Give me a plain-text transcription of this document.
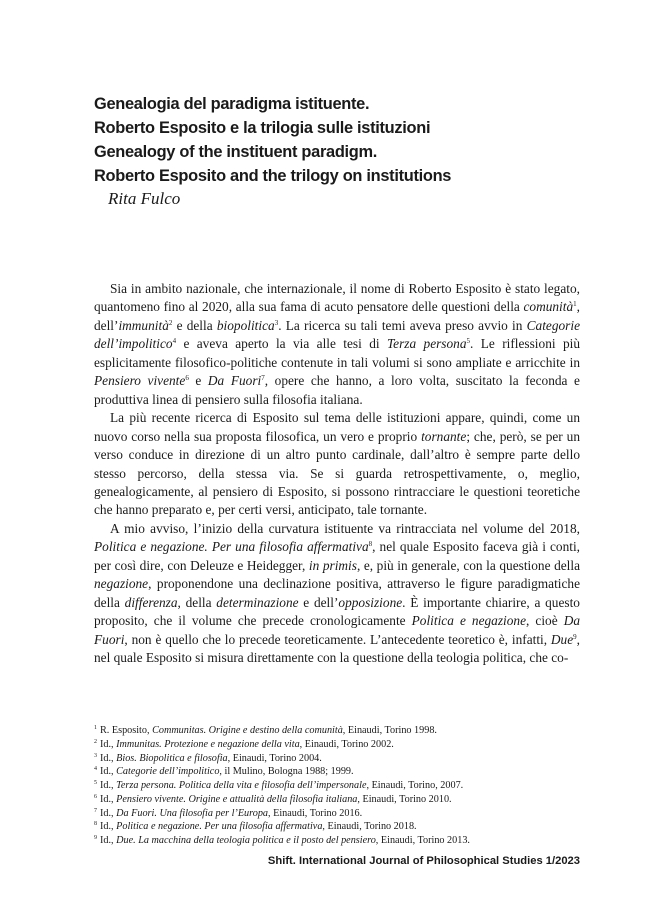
Genealogia del paradigma istituente.
Roberto Esposito e la trilogia sulle istituzioni
Genealogy of the instituent paradigm.
Roberto Esposito and the trilogy on institutions
Rita Fulco

Sia in ambito nazionale, che internazionale, il nome di Roberto Esposito è stato legato, quantomeno fino al 2020, alla sua fama di acuto pensatore delle questioni della comunità$^1$, dell’immunità$^2$ e della biopolitica$^3$. La ricerca su tali temi aveva preso avvio in Categorie dell’impolitico$^4$ e aveva aperto la via alle tesi di Terza persona$^5$. Le riflessioni più esplicitamente filosofico-politiche contenute in tali volumi si sono ampliate e arricchite in Pensiero vivente$^6$ e Da Fuori$^7$, opere che hanno, a loro volta, suscitato la feconda e produttiva linea di pensiero sulla filosofia italiana.

La più recente ricerca di Esposito sul tema delle istituzioni appare, quindi, come un nuovo corso nella sua proposta filosofica, un vero e proprio tornante; che, però, se per un verso conduce in direzione di un altro punto cardinale, dall’altro è sempre parte dello stesso percorso, della stessa via. Se si guarda retrospettivamente, o, meglio, genealogicamente, al pensiero di Esposito, si possono rintracciare le questioni teoretiche che hanno preparato e, per certi versi, anticipato, tale tornante.

A mio avviso, l’inizio della curvatura istituente va rintracciata nel volume del 2018, Politica e negazione. Per una filosofia affermativa$^8$, nel quale Esposito faceva già i conti, per così dire, con Deleuze e Heidegger, in primis, e, più in generale, con la questione della negazione, proponendone una declinazione positiva, attraverso le figure paradigmatiche della differenza, della determinazione e dell’opposizione. È importante chiarire, a questo proposito, che il volume che precede cronologicamente Politica e negazione, cioè Da Fuori, non è quello che lo precede teoreticamente. L’antecedente teoretico è, infatti, Due$^9$, nel quale Esposito si misura direttamente con la questione della teologia politica, che co-

$^1$ R. Esposito, Communitas. Origine e destino della comunità, Einaudi, Torino 1998.
$^2$ Id., Immunitas. Protezione e negazione della vita, Einaudi, Torino 2002.
$^3$ Id., Bios. Biopolitica e filosofia, Einaudi, Torino 2004.
$^4$ Id., Categorie dell’impolitico, il Mulino, Bologna 1988; 1999.
$^5$ Id., Terza persona. Politica della vita e filosofia dell’impersonale, Einaudi, Torino, 2007.
$^6$ Id., Pensiero vivente. Origine e attualità della filosofia italiana, Einaudi, Torino 2010.
$^7$ Id., Da Fuori. Una filosofia per l’Europa, Einaudi, Torino 2016.
$^8$ Id., Politica e negazione. Per una filosofia affermativa, Einaudi, Torino 2018.
$^9$ Id., Due. La macchina della teologia politica e il posto del pensiero, Einaudi, Torino 2013.
Shift. International Journal of Philosophical Studies 1/2023
